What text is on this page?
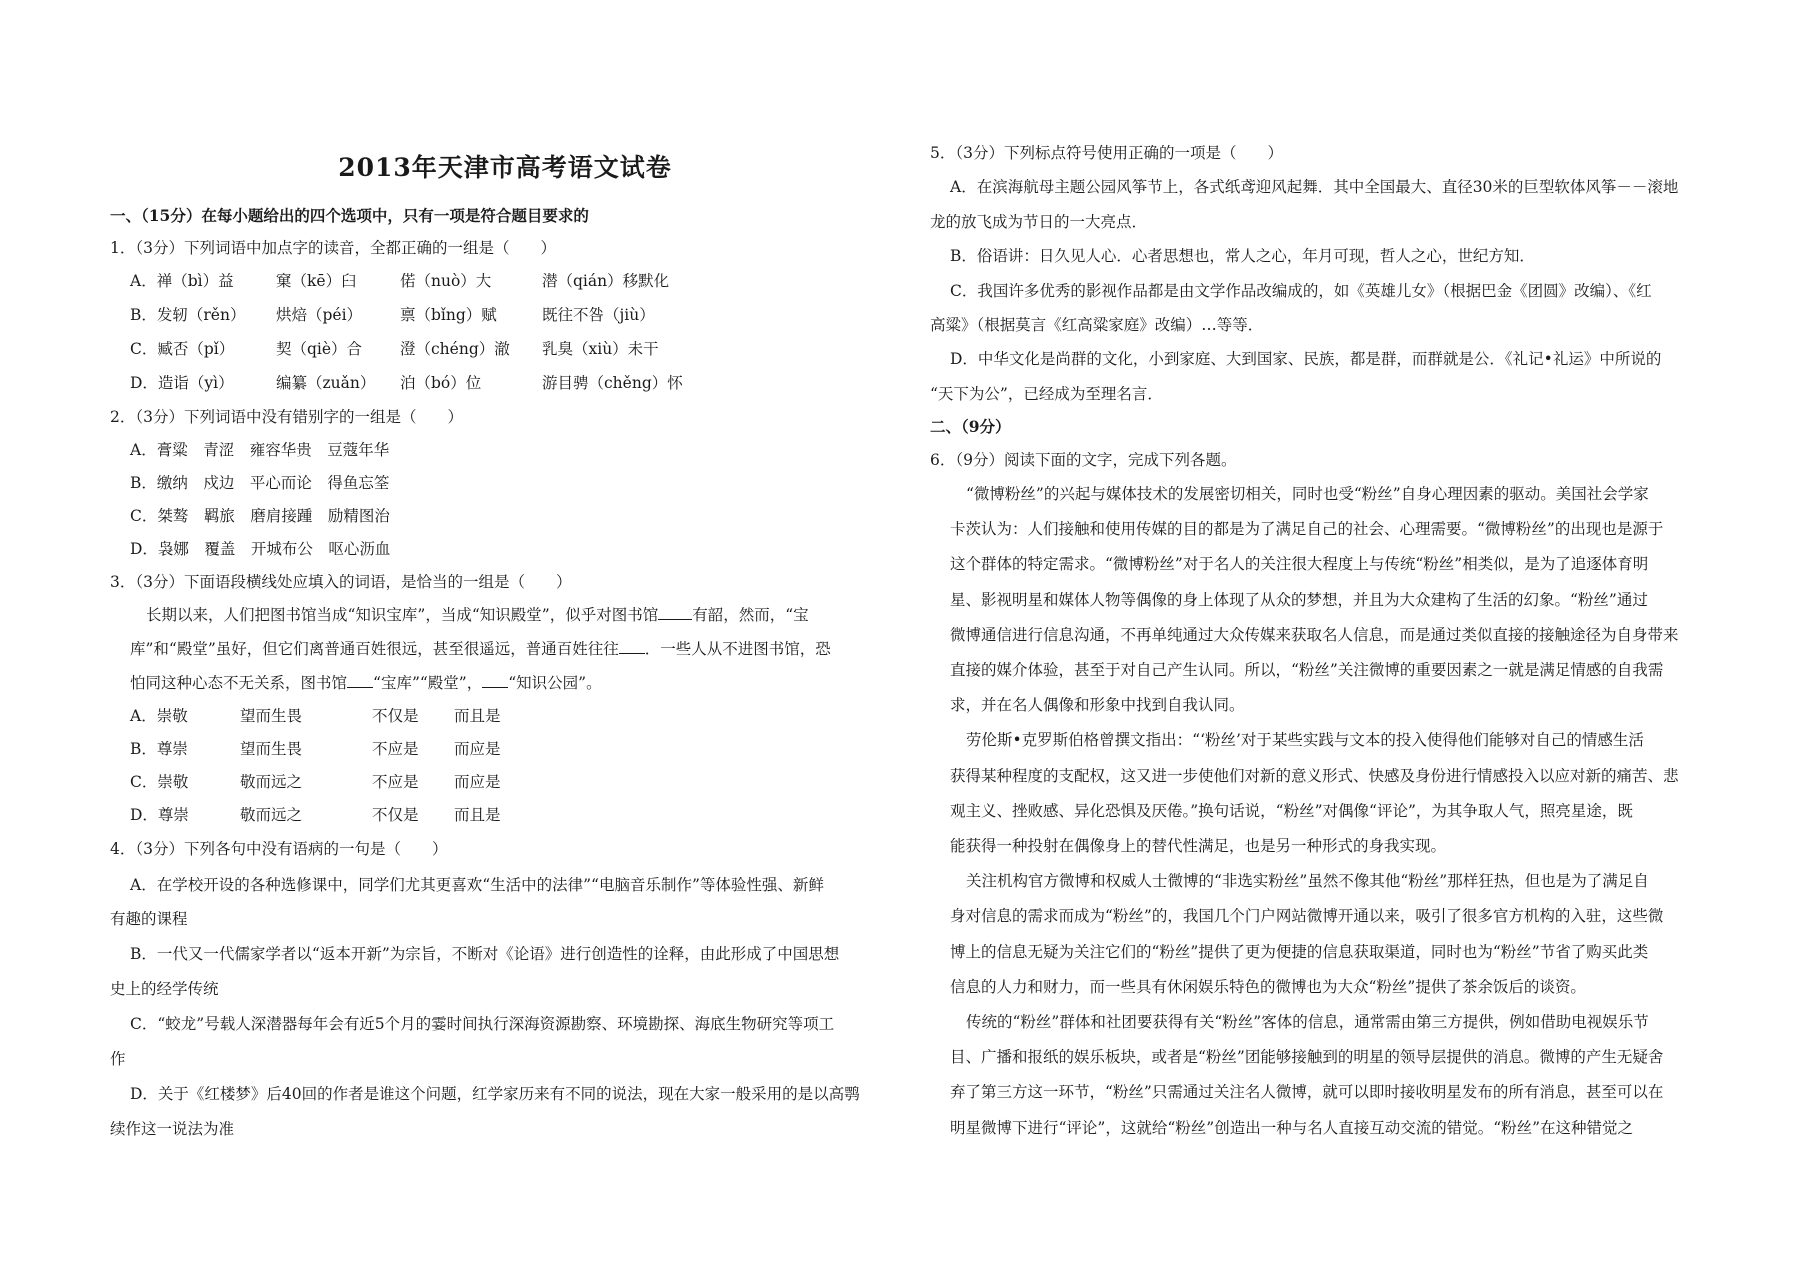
2013年天津市高考语文试卷
一、（15分）在每小题给出的四个选项中，只有一项是符合题目要求的
1．（3分）下列词语中加点字的读音，全都正确的一组是（　　）
A．禅（bì）益	窠（kē）臼	偌（nuò）大	潜（qián）移默化
B．发轫（rěn） 烘焙（péi） 禀（bǐng）赋	既往不咎（jiù）
C．臧否（pǐ）	契（qiè）合 澄（chéng）澈 乳臭（xiù）未干
D．造诣（yì）	编纂（zuǎn） 泊（bó）位	游目骋（chěng）怀
2．（3分）下列词语中没有错别字的一组是（　　）
A．膏粱　青涩　雍容华贵　豆蔻年华
B．缴纳　戍边　平心而论　得鱼忘筌
C．桀骜　羁旅　磨肩接踵　励精图治
D．袅娜　覆盖　开城布公　呕心沥血
3．（3分）下面语段横线处应填入的词语，是恰当的一组是（　　）
长期以来，人们把图书馆当成“知识宝库”，当成“知识殿堂”，似乎对图书馆 有韶，然而，“宝
库”和“殿堂”虽好，但它们离普通百姓很远，甚至很遥远，普通百姓往往 ．一些人从不进图书馆，恐
怕同这种心态不无关系，图书馆 “宝库”“殿堂”， “知识公园”。
A．崇敬	望而生畏	不仅是 而且是
B．尊崇	望而生畏	不应是 而应是
C．崇敬	敬而远之	不应是 而应是
D．尊崇	敬而远之	不仅是 而且是
4．（3分）下列各句中没有语病的一句是（　　）
A．在学校开设的各种选修课中，同学们尤其更喜欢“生活中的法律”“电脑音乐制作”等体验性强、新鲜
有趣的课程
B．一代又一代儒家学者以“返本开新”为宗旨，不断对《论语》进行创造性的诠释，由此形成了中国思想
史上的经学传统
C．“蛟龙”号载人深潜器每年会有近5个月的霎时间执行深海资源勘察、环境勘探、海底生物研究等项工
作
D．关于《红楼梦》后40回的作者是谁这个问题，红学家历来有不同的说法，现在大家一般采用的是以高鹗
续作这一说法为准
5．（3分）下列标点符号使用正确的一项是（　　）
A．在滨海航母主题公园风筝节上，各式纸鸢迎风起舞．其中全国最大、直径30米的巨型软体风筝－－滚地
龙的放飞成为节日的一大亮点．
B．俗语讲：日久见人心．心者思想也，常人之心，年月可现，哲人之心，世纪方知．
C．我国许多优秀的影视作品都是由文学作品改编成的，如《英雄儿女》（根据巴金《团圆》改编）、《红
高粱》（根据莫言《红高粱家庭》改编）…等等．
D．中华文化是尚群的文化，小到家庭、大到国家、民族，都是群，而群就是公．《礼记•礼运》中所说的
“天下为公”，已经成为至理名言．
二、（9分）
6．（9分）阅读下面的文字，完成下列各题。
“微博粉丝”的兴起与媒体技术的发展密切相关，同时也受“粉丝”自身心理因素的驱动。美国社会学家
卡茨认为：人们接触和使用传媒的目的都是为了满足自己的社会、心理需要。“微博粉丝”的出现也是源于
这个群体的特定需求。“微博粉丝”对于名人的关注很大程度上与传统“粉丝”相类似，是为了追逐体育明
星、影视明星和媒体人物等偶像的身上体现了从众的梦想，并且为大众建构了生活的幻象。“粉丝”通过
微博通信进行信息沟通，不再单纯通过大众传媒来获取名人信息，而是通过类似直接的接触途径为自身带来
直接的媒介体验，甚至于对自己产生认同。所以，“粉丝”关注微博的重要因素之一就是满足情感的自我需
求，并在名人偶像和形象中找到自我认同。
劳伦斯•克罗斯伯格曾撰文指出：“‘粉丝’对于某些实践与文本的投入使得他们能够对自己的情感生活
获得某种程度的支配权，这又进一步使他们对新的意义形式、快感及身份进行情感投入以应对新的痛苦、悲
观主义、挫败感、异化恐惧及厌倦。”换句话说，“粉丝”对偶像“评论”，为其争取人气，照亮星途，既
能获得一种投射在偶像身上的替代性满足，也是另一种形式的身我实现。
关注机构官方微博和权威人士微博的“非选实粉丝”虽然不像其他“粉丝”那样狂热，但也是为了满足自
身对信息的需求而成为“粉丝”的，我国几个门户网站微博开通以来，吸引了很多官方机构的入驻，这些微
博上的信息无疑为关注它们的“粉丝”提供了更为便捷的信息获取渠道，同时也为“粉丝”节省了购买此类
信息的人力和财力，而一些具有休闲娱乐特色的微博也为大众“粉丝”提供了茶余饭后的谈资。
传统的“粉丝”群体和社团要获得有关“粉丝”客体的信息，通常需由第三方提供，例如借助电视娱乐节
目、广播和报纸的娱乐板块，或者是“粉丝”团能够接触到的明星的领导层提供的消息。微博的产生无疑舍
弃了第三方这一环节，“粉丝”只需通过关注名人微博，就可以即时接收明星发布的所有消息，甚至可以在
明星微博下进行“评论”，这就给“粉丝”创造出一种与名人直接互动交流的错觉。“粉丝”在这种错觉之
